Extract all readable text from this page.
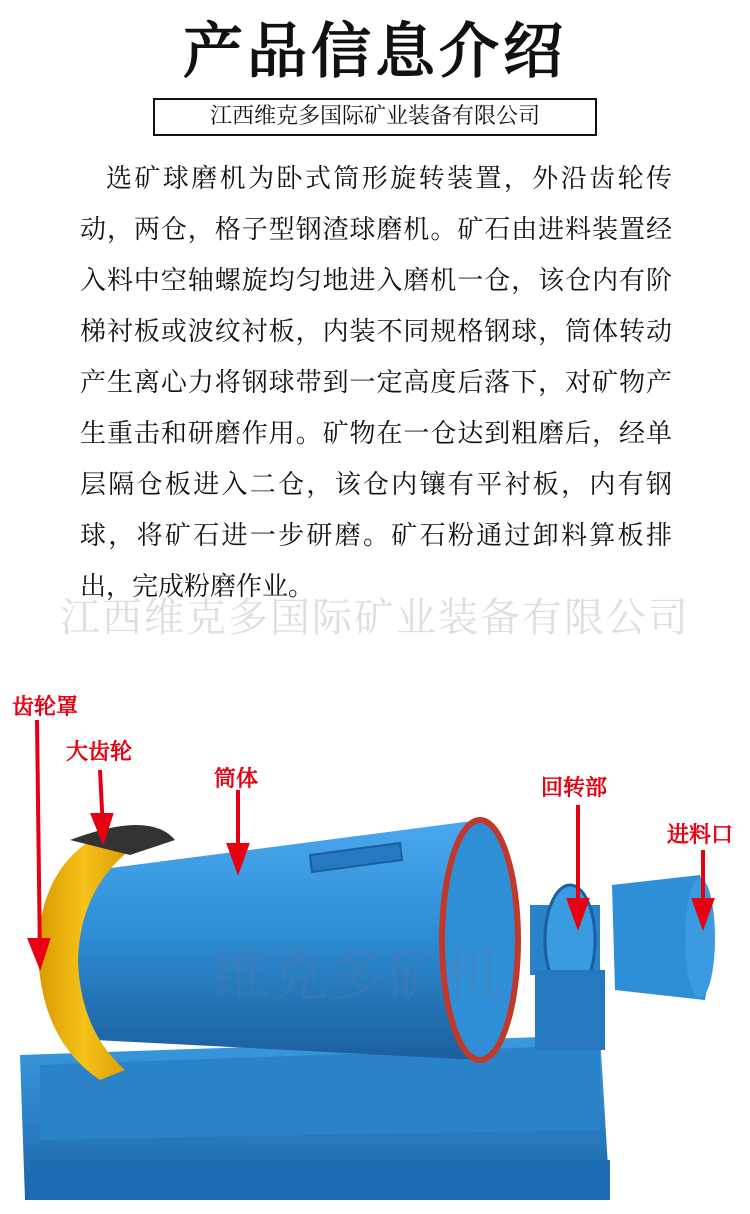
产品信息介绍
江西维克多国际矿业装备有限公司
选矿球磨机为卧式筒形旋转装置，外沿齿轮传动，两仓，格子型钢渣球磨机。矿石由进料装置经入料中空轴螺旋均匀地进入磨机一仓，该仓内有阶梯衬板或波纹衬板，内装不同规格钢球，筒体转动产生离心力将钢球带到一定高度后落下，对矿物产生重击和研磨作用。矿物在一仓达到粗磨后，经单层隔仓板进入二仓，该仓内镶有平衬板，内有钢球，将矿石进一步研磨。矿石粉通过卸料算板排出，完成粉磨作业。
江西维克多国际矿业装备有限公司
齿轮罩
大齿轮
筒体	回转部
进料口
维克多矿机
